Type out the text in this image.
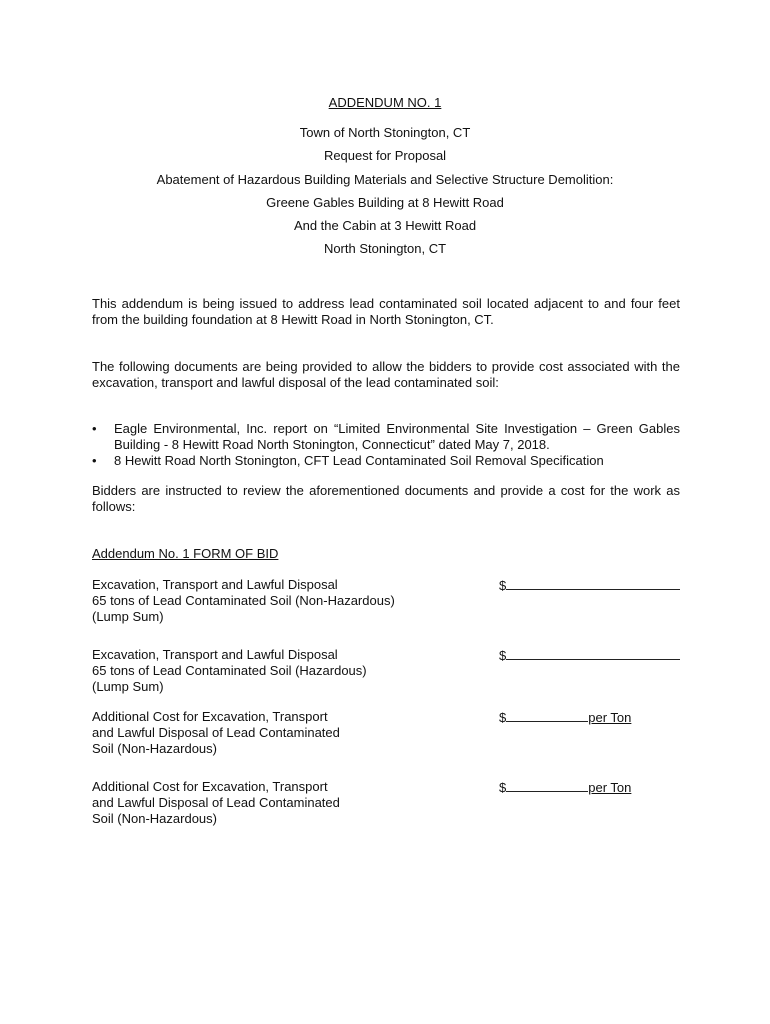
ADDENDUM NO. 1
Town of North Stonington, CT
Request for Proposal
Abatement of Hazardous Building Materials and Selective Structure Demolition:
Greene Gables Building at 8 Hewitt Road
And the Cabin at 3 Hewitt Road
North Stonington, CT
This addendum is being issued to address lead contaminated soil located adjacent to and four feet from the building foundation at 8 Hewitt Road in North Stonington, CT.
The following documents are being provided to allow the bidders to provide cost associated with the excavation, transport and lawful disposal of the lead contaminated soil:
• Eagle Environmental, Inc. report on “Limited Environmental Site Investigation – Green Gables Building - 8 Hewitt Road North Stonington, Connecticut” dated May 7, 2018.
• 8 Hewitt Road North Stonington, CFT Lead Contaminated Soil Removal Specification
Bidders are instructed to review the aforementioned documents and provide a cost for the work as follows:
Addendum No. 1 FORM OF BID
Excavation, Transport and Lawful Disposal
65 tons of Lead Contaminated Soil (Non-Hazardous)
(Lump Sum)
$
Excavation, Transport and Lawful Disposal
65 tons of Lead Contaminated Soil (Hazardous)
(Lump Sum)
$
Additional Cost for Excavation, Transport
and Lawful Disposal of Lead Contaminated
Soil (Non-Hazardous)
$	per Ton
Additional Cost for Excavation, Transport
and Lawful Disposal of Lead Contaminated
Soil (Non-Hazardous)
$	per Ton
